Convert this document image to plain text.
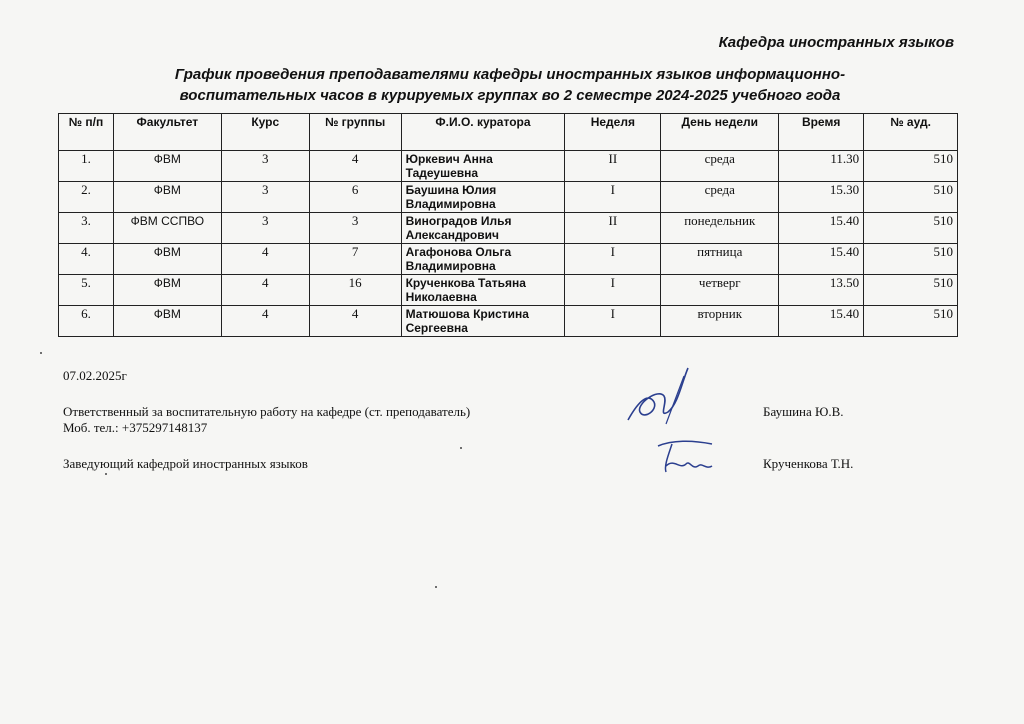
Кафедра иностранных языков
График проведения преподавателями кафедры иностранных языков информационно-
воспитательных часов в курируемых группах во 2 семестре 2024-2025 учебного года
№ п/п	Факультет	Курс	№ группы	Ф.И.О. куратора	Неделя	День недели	Время	№ ауд.
1.	ФВМ	3	4	Юркевич Анна Тадеушевна	II	среда	11.30	510
2.	ФВМ	3	6	Баушина Юлия Владимировна	I	среда	15.30	510
3.	ФВМ ССПВО	3	3	Виноградов Илья Александрович	II	понедельник	15.40	510
4.	ФВМ	4	7	Агафонова Ольга Владимировна	I	пятница	15.40	510
5.	ФВМ	4	16	Крученкова Татьяна Николаевна	I	четверг	13.50	510
6.	ФВМ	4	4	Матюшова Кристина Сергеевна	I	вторник	15.40	510
07.02.2025г
Ответственный за воспитательную работу на кафедре (ст. преподаватель)
Моб. тел.: +375297148137
Заведующий кафедрой иностранных языков
Баушина Ю.В.
Крученкова Т.Н.
